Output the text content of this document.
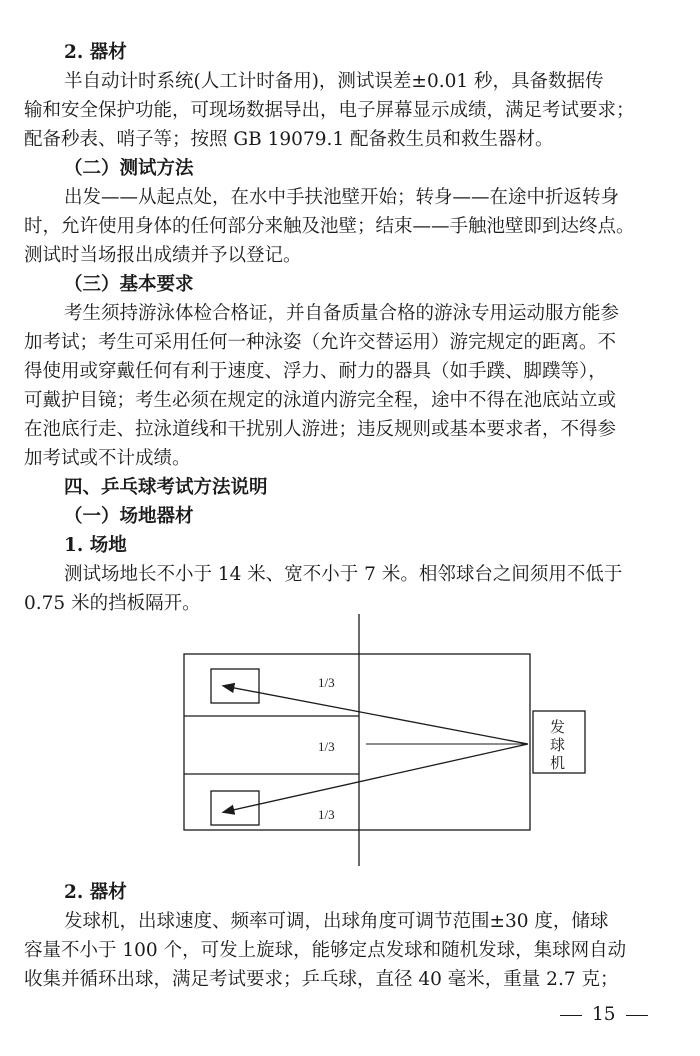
2. 器材
半自动计时系统(人工计时备用)，测试误差±0.01 秒，具备数据传
输和安全保护功能，可现场数据导出，电子屏幕显示成绩，满足考试要求；
配备秒表、哨子等；按照 GB 19079.1 配备救生员和救生器材。
（二）测试方法
出发——从起点处，在水中手扶池壁开始；转身——在途中折返转身
时，允许使用身体的任何部分来触及池壁；结束——手触池壁即到达终点。
测试时当场报出成绩并予以登记。
（三）基本要求
考生须持游泳体检合格证，并自备质量合格的游泳专用运动服方能参
加考试；考生可采用任何一种泳姿（允许交替运用）游完规定的距离。不
得使用或穿戴任何有利于速度、浮力、耐力的器具（如手蹼、脚蹼等），
可戴护目镜；考生必须在规定的泳道内游完全程，途中不得在池底站立或
在池底行走、拉泳道线和干扰别人游进；违反规则或基本要求者，不得参
加考试或不计成绩。
四、乒乓球考试方法说明
（一）场地器材
1. 场地
测试场地长不小于 14 米、宽不小于 7 米。相邻球台之间须用不低于
0.75 米的挡板隔开。
1/3
1/3
1/3
发
球
机
2. 器材
发球机，出球速度、频率可调，出球角度可调节范围±30 度，储球
容量不小于 100 个，可发上旋球，能够定点发球和随机发球，集球网自动
收集并循环出球，满足考试要求；乒乓球，直径 40 毫米，重量 2.7 克；
15
